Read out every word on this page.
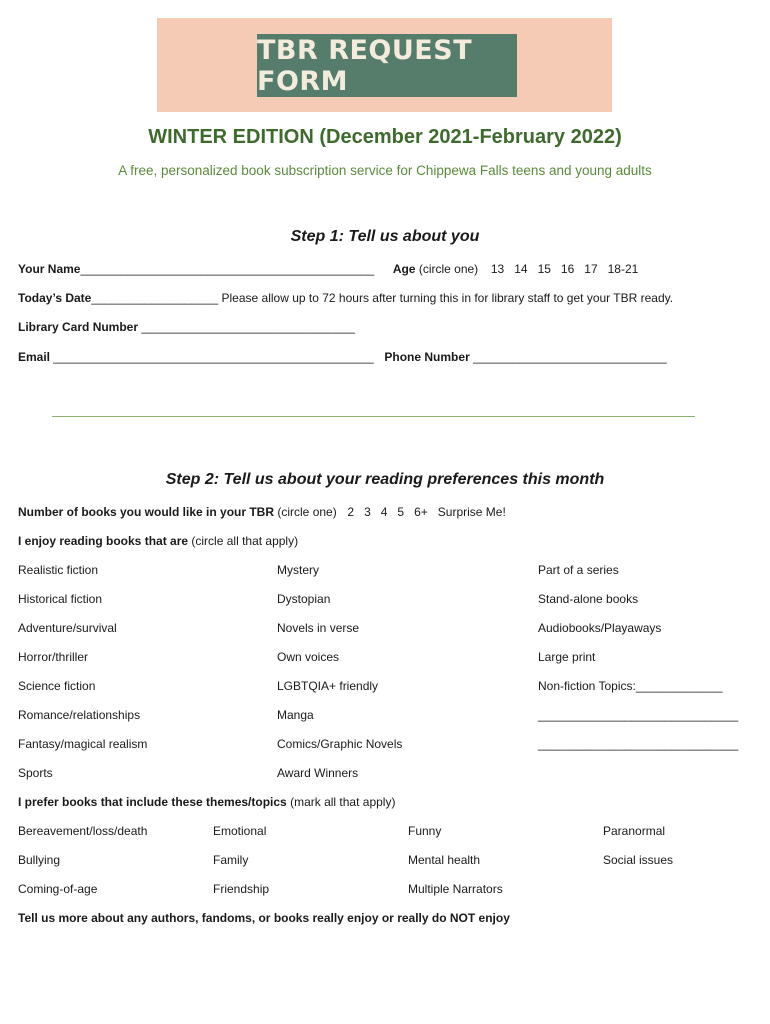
TBR REQUEST FORM
WINTER EDITION (December 2021-February 2022)
A free, personalized book subscription service for Chippewa Falls teens and young adults
Step 1: Tell us about you
Your Name____________________________________________ Age (circle one) 13   14   15   16   17   18-21
Today’s Date___________________ Please allow up to 72 hours after turning this in for library staff to get your TBR ready.
Library Card Number ________________________________
Email ________________________________________________ Phone Number _____________________________
Step 2: Tell us about your reading preferences this month
Number of books you would like in your TBR (circle one) 2   3   4   5   6+   Surprise Me!
I enjoy reading books that are (circle all that apply)
Realistic fiction
Historical fiction
Adventure/survival
Horror/thriller
Science fiction
Romance/relationships
Fantasy/magical realism
Sports
Mystery
Dystopian
Novels in verse
Own voices
LGBTQIA+ friendly
Manga
Comics/Graphic Novels
Award Winners
Part of a series
Stand-alone books
Audiobooks/Playaways
Large print
Non-fiction Topics:_____________
______________________________
______________________________
I prefer books that include these themes/topics (mark all that apply)
Bereavement/loss/death
Bullying
Coming-of-age
Emotional
Family
Friendship
Funny
Mental health
Multiple Narrators
Paranormal
Social issues
Tell us more about any authors, fandoms, or books really enjoy or really do NOT enjoy
